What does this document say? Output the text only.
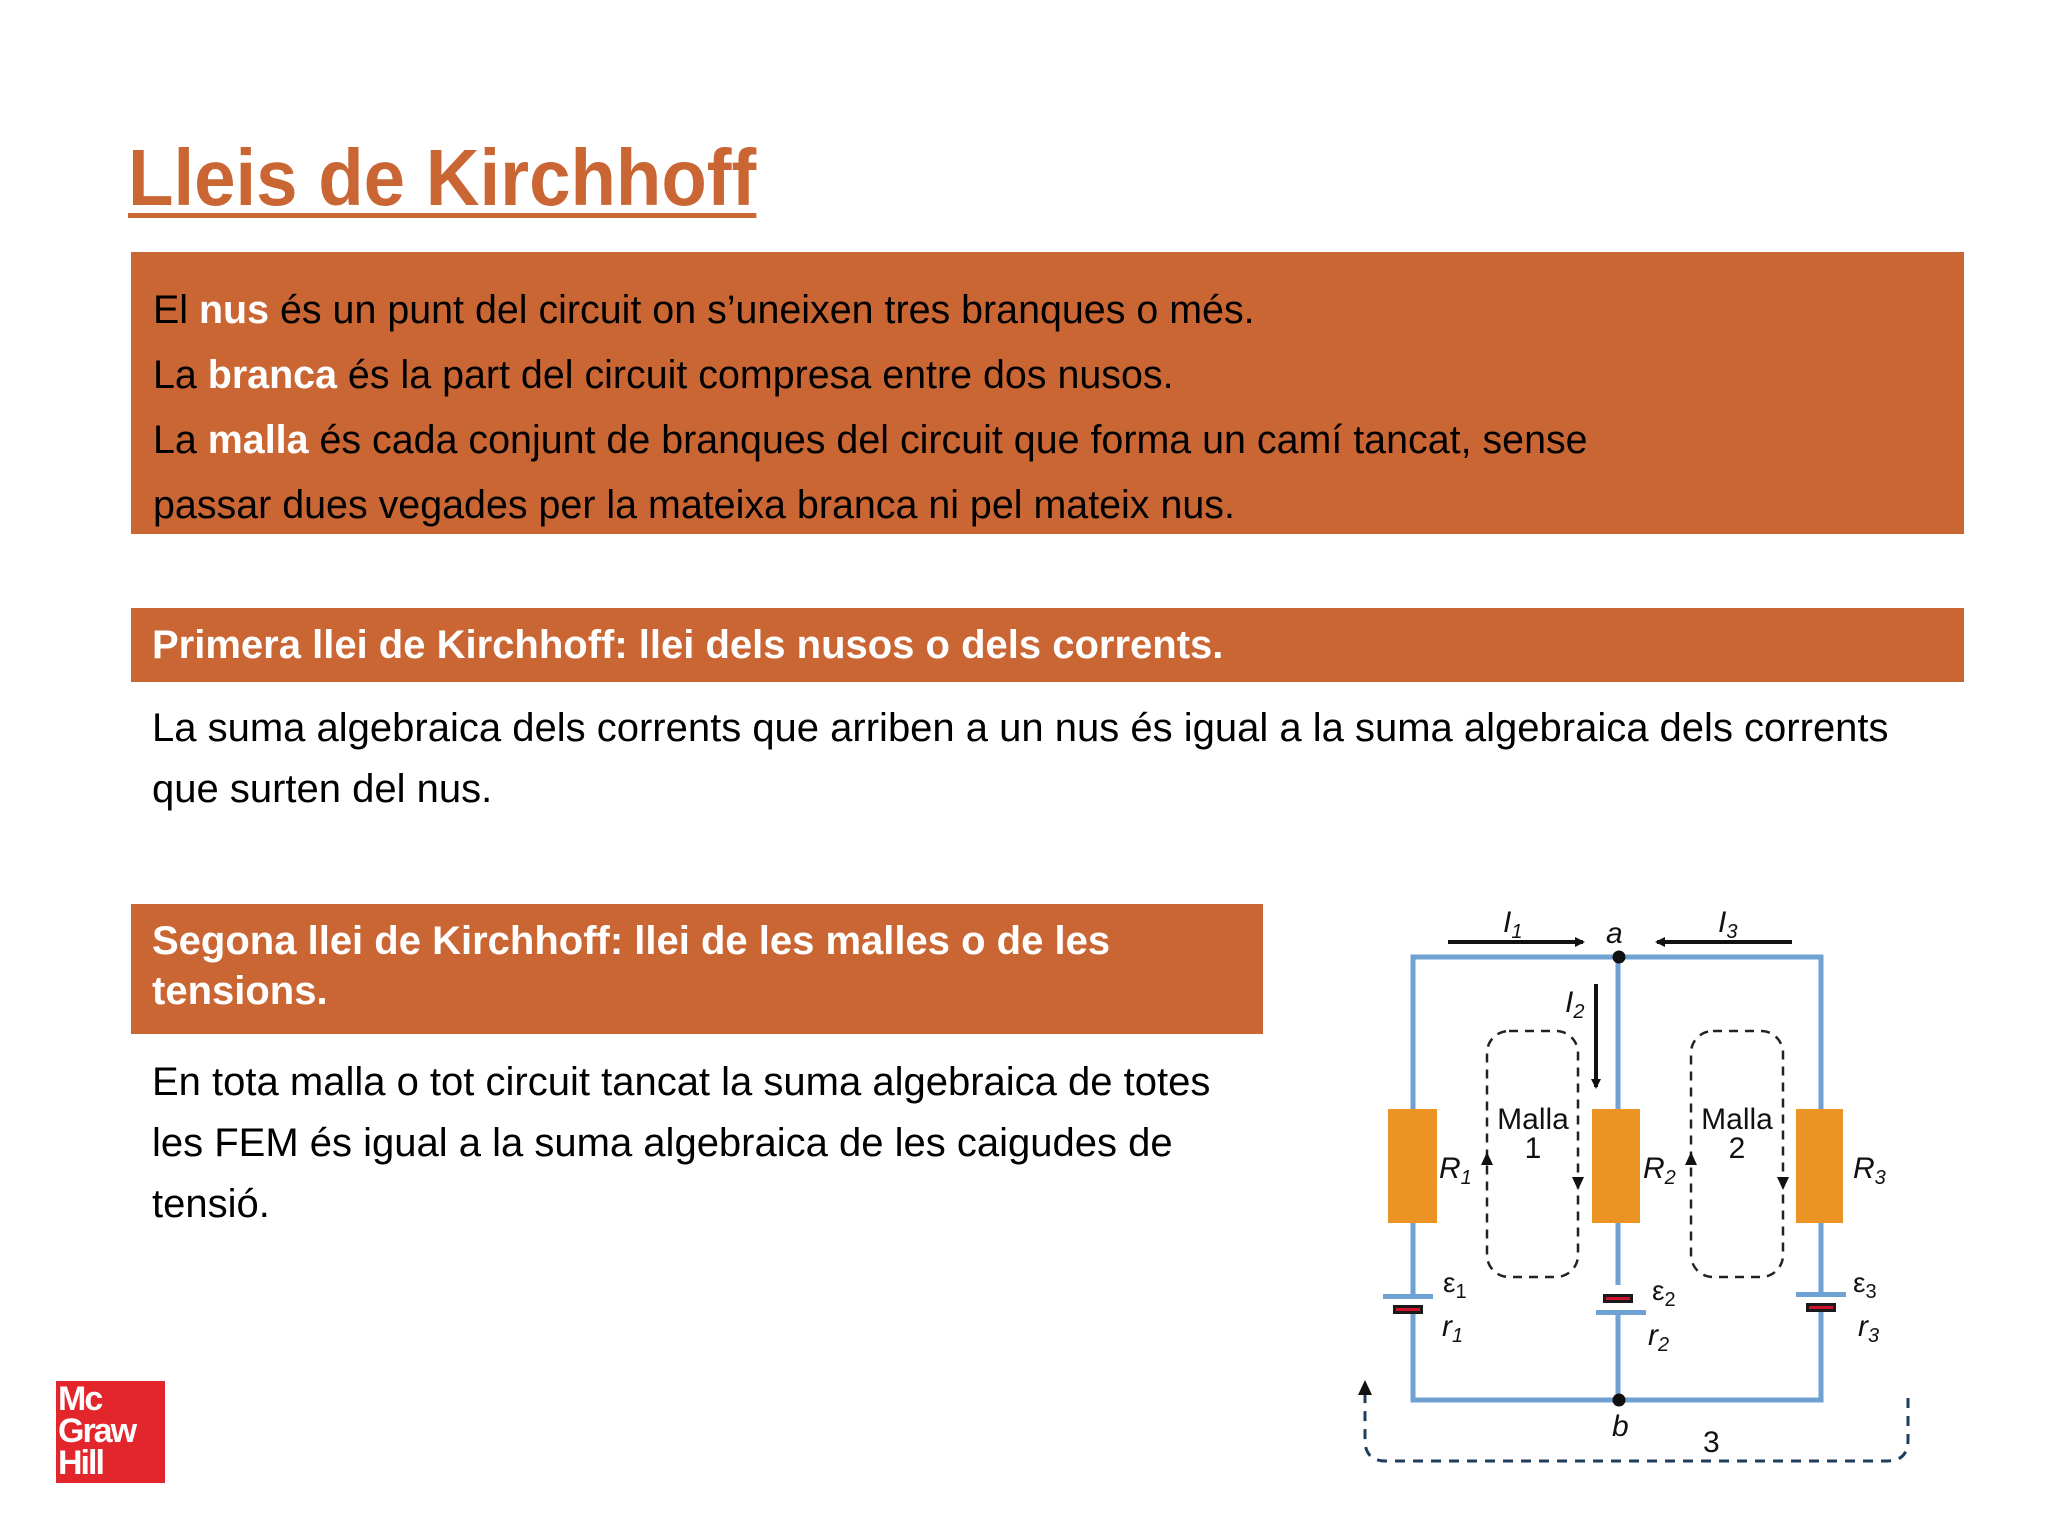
Lleis de Kirchhoff
El nus és un punt del circuit on s’uneixen tres branques o més.
La branca és la part del circuit compresa entre dos nusos.
La malla és cada conjunt de branques del circuit que forma un camí tancat, sense
passar dues vegades per la mateixa branca ni pel mateix nus.
Primera llei de Kirchhoff: llei dels nusos o dels corrents.
La suma algebraica dels corrents que arriben a un nus és igual a la suma algebraica dels corrents que surten del nus.
Segona llei de Kirchhoff: llei de les malles o de les tensions.
En tota malla o tot circuit tancat la suma algebraica de totes les FEM és igual a la suma algebraica de les caigudes de tensió.
Mc
Graw
Hill
$I_1$	a	$I_3$
$I_2$
Malla
1
Malla
2
$R_1$	$R_2$	$R_3$
$\varepsilon_1$	$\varepsilon_2$
$\varepsilon_3$
$r_1$	$r_2$
$r_3$
b 3
